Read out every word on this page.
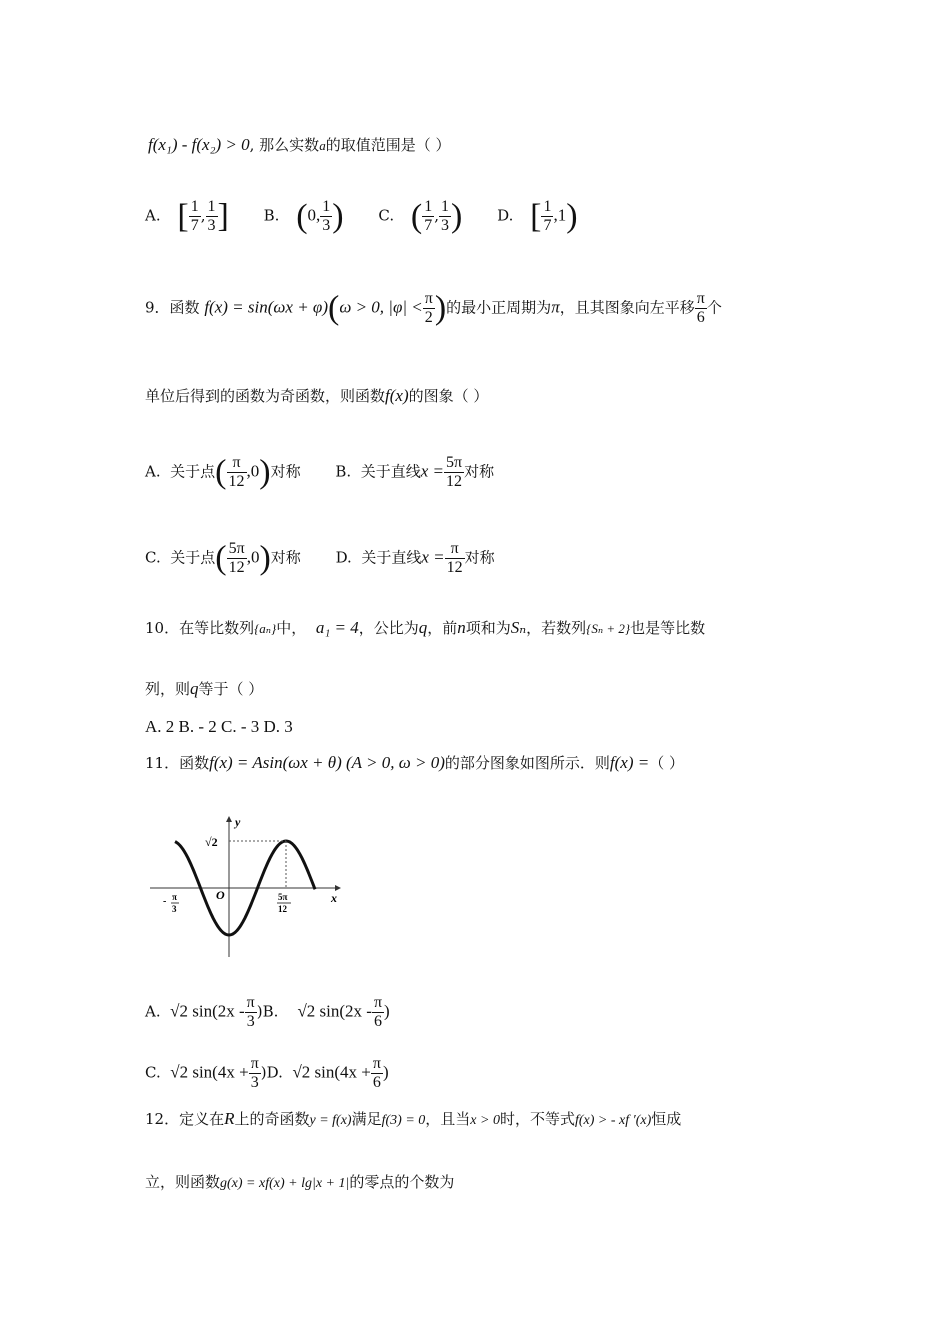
f(x₁) - f(x₂) > 0, 那么实数a的取值范围是（ ）
A. [ $\frac{1}{7}$ , $\frac{1}{3}$ ] B. (0, $\frac{1}{3}$ ) C. ( $\frac{1}{7}$ , $\frac{1}{3}$ ) D. [ $\frac{1}{7} ,1$)
9．函数 f(x) = sin(ωx + φ)(ω > 0, $|\varphi| < \frac{\pi}{2}$ )的最小正周期为π，且其图象向左平移 $\frac{\pi}{6}$ 个
单位后得到的函数为奇函数，则函数f(x)的图象（ ）
A. 关于点( $\frac{\pi}{12} ,0$)对称 B. 关于直线$x = \frac{5\pi}{12}$ 对称
C. 关于点( $\frac{5\pi}{12} ,0$)对称 D. 关于直线$x = \frac{\pi}{12}$ 对称
10．在等比数列{aₙ}中， a₁ = 4，公比为q，前n项和为Sₙ，若数列{Sₙ + 2}也是等比数
列，则q等于（ ）
A. 2 B. - 2 C. - 3 D. 3
11．函数f(x) = Asin(ωx + θ) (A > 0, ω > 0)的部分图象如图所示．则f(x) =（ ）
y
x
O
√2
- π
3
5π
12
A. √2 $\sin(2x - \frac{\pi}{3} )B$. √2 $\sin(2x - \frac{\pi}{6}$ )
C. √2 $\sin(4x + \frac{\pi}{3} )D$. √2 $\sin(4x + \frac{\pi}{6}$ )
12．定义在R上的奇函数y = f(x)满足f(3) = 0，且当x > 0时，不等式f(x) > - xf ′(x)恒成
立，则函数g(x) = xf(x) + lg|x + 1|的零点的个数为
